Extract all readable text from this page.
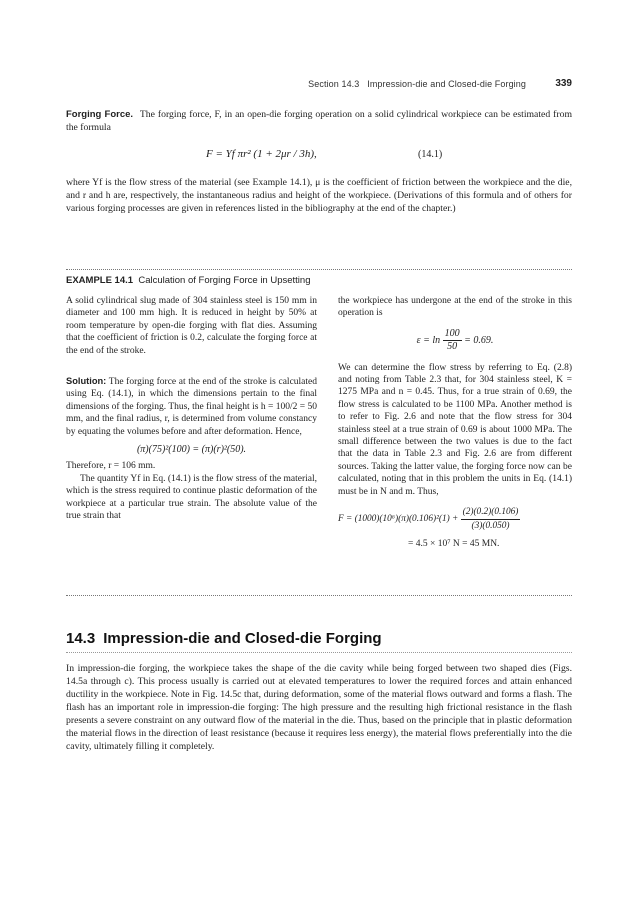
Section 14.3 Impression-die and Closed-die Forging	339
Forging Force. The forging force, F, in an open-die forging operation on a solid cylindrical workpiece can be estimated from the formula
F = Yf πr² (1 + 2μr / 3h),	(14.1)
where Yf is the flow stress of the material (see Example 14.1), μ is the coefficient of friction between the workpiece and the die, and r and h are, respectively, the instantaneous radius and height of the workpiece. (Derivations of this formula and of others for various forging processes are given in references listed in the bibliography at the end of the chapter.)
EXAMPLE 14.1 Calculation of Forging Force in Upsetting

A solid cylindrical slug made of 304 stainless steel is 150 mm in diameter and 100 mm high. It is reduced in height by 50% at room temperature by open-die forging with flat dies. Assuming that the coefficient of friction is 0.2, calculate the forging force at the end of the stroke.

Solution: The forging force at the end of the stroke is calculated using Eq. (14.1), in which the dimensions pertain to the final dimensions of the forging. Thus, the final height is h = 100/2 = 50 mm, and the final radius, r, is determined from volume constancy by equating the volumes before and after deformation. Hence,

(π)(75)²(100) = (π)(r)²(50).

Therefore, r = 106 mm.

The quantity Yf in Eq. (14.1) is the flow stress of the material, which is the stress required to continue plastic deformation of the workpiece at a particular true strain. The absolute value of the true strain that

the workpiece has undergone at the end of the stroke in this operation is

$\varepsilon = \ln \frac{100}{50} = 0.69$.

We can determine the flow stress by referring to Eq. (2.8) and noting from Table 2.3 that, for 304 stainless steel, K = 1275 MPa and n = 0.45. Thus, for a true strain of 0.69, the flow stress is calculated to be 1100 MPa. Another method is to refer to Fig. 2.6 and note that the flow stress for 304 stainless steel at a true strain of 0.69 is about 1000 MPa. The small difference between the two values is due to the fact that the data in Table 2.3 and Fig. 2.6 are from different sources. Taking the latter value, the forging force now can be calculated, noting that in this problem the units in Eq. (14.1) must be in N and m. Thus,

$F = (1000)(10^6)(\pi)(0.106)^2(1) + \frac{(2)(0.2)(0.106)}{(3)(0.050)}$

= 4.5 × 10⁷ N = 45 MN.

14.3 Impression-die and Closed-die Forging
In impression-die forging, the workpiece takes the shape of the die cavity while being forged between two shaped dies (Figs. 14.5a through c). This process usually is carried out at elevated temperatures to lower the required forces and attain enhanced ductility in the workpiece. Note in Fig. 14.5c that, during deformation, some of the material flows outward and forms a flash. The flash has an important role in impression-die forging: The high pressure and the resulting high frictional resistance in the flash presents a severe constraint on any outward flow of the material in the die. Thus, based on the principle that in plastic deformation the material flows in the direction of least resistance (because it requires less energy), the material flows preferentially into the die cavity, ultimately filling it completely.
